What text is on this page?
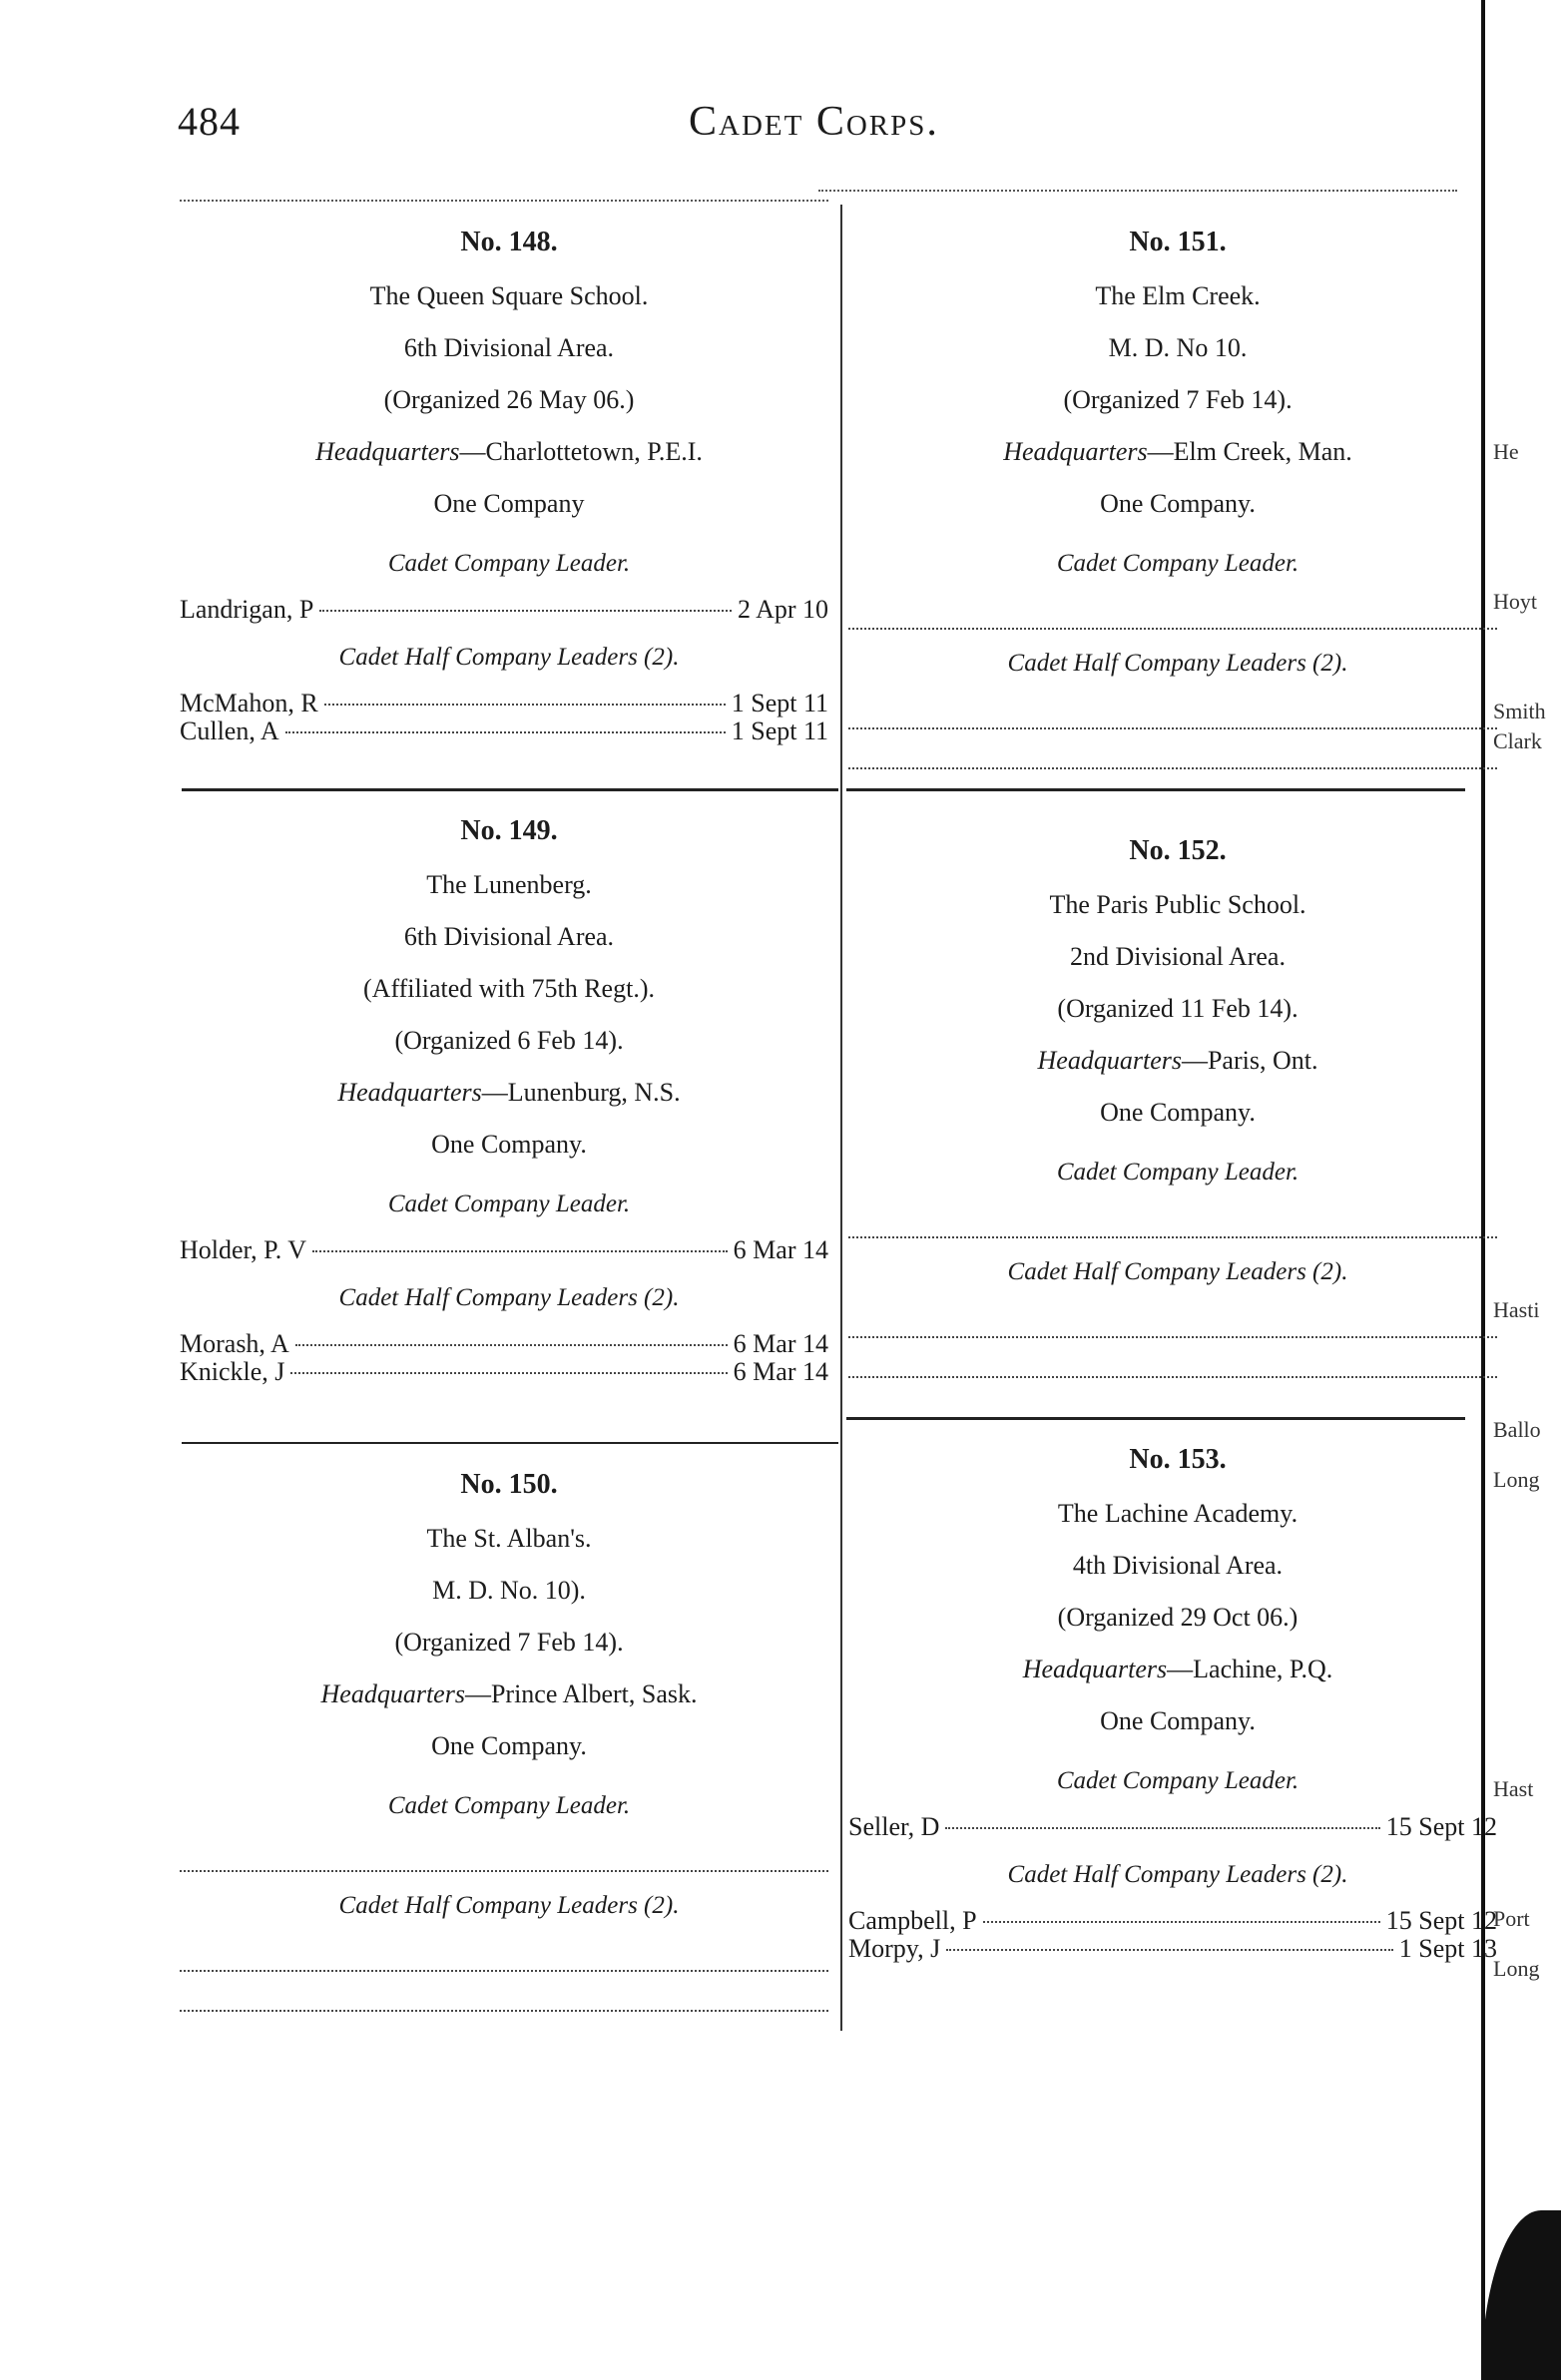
484	Cadet Corps.
He
Hoyt
Smith
Clark
Hasti
Ballo
Long
Hast
Port
Long
No. 148.
The Queen Square School.
6th Divisional Area.
(Organized 26 May 06.)
Headquarters—Charlottetown, P.E.I.
One Company
Cadet Company Leader.
Landrigan, P	2 Apr 10
Cadet Half Company Leaders (2).
McMahon, R	1 Sept 11
Cullen, A	1 Sept 11
No. 149.
The Lunenberg.
6th Divisional Area.
(Affiliated with 75th Regt.).
(Organized 6 Feb 14).
Headquarters—Lunenburg, N.S.
One Company.
Cadet Company Leader.
Holder, P. V	6 Mar 14
Cadet Half Company Leaders (2).
Morash, A	6 Mar 14
Knickle, J	6 Mar 14
No. 150.
The St. Alban's.
M. D. No. 10).
(Organized 7 Feb 14).
Headquarters—Prince Albert, Sask.
One Company.
Cadet Company Leader.
Cadet Half Company Leaders (2).
No. 151.
The Elm Creek.
M. D. No 10.
(Organized 7 Feb 14).
Headquarters—Elm Creek, Man.
One Company.
Cadet Company Leader.
Cadet Half Company Leaders (2).
No. 152.
The Paris Public School.
2nd Divisional Area.
(Organized 11 Feb 14).
Headquarters—Paris, Ont.
One Company.
Cadet Company Leader.
Cadet Half Company Leaders (2).
No. 153.
The Lachine Academy.
4th Divisional Area.
(Organized 29 Oct 06.)
Headquarters—Lachine, P.Q.
One Company.
Cadet Company Leader.
Seller, D	15 Sept 12
Cadet Half Company Leaders (2).
Campbell, P	15 Sept 12
Morpy, J	1 Sept 13
